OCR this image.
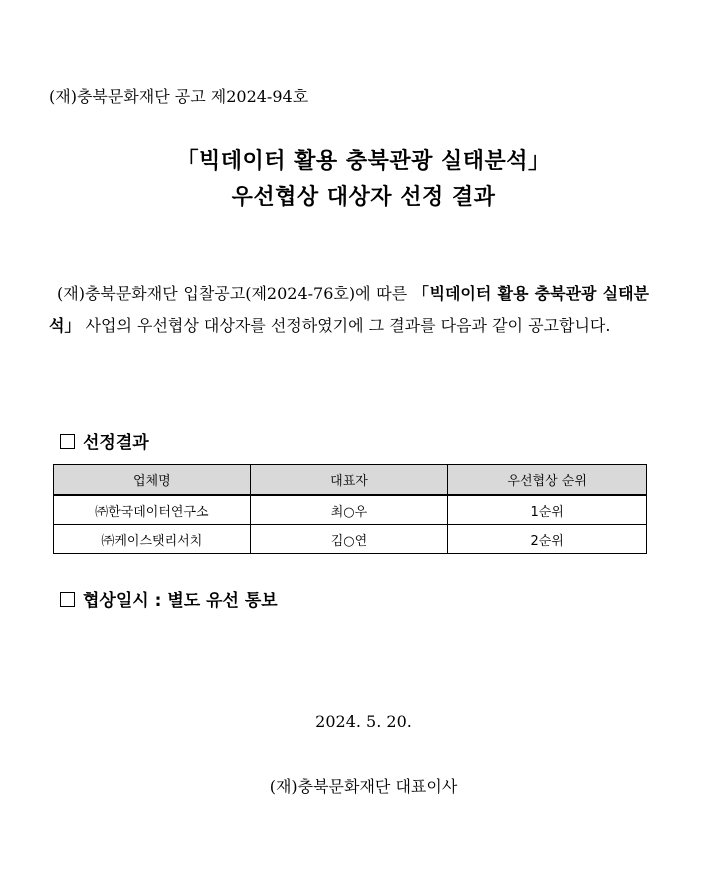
(재)충북문화재단 공고 제2024-94호
「빅데이터 활용 충북관광 실태분석」
우선협상 대상자 선정 결과
(재)충북문화재단 입찰공고(제2024-76호)에 따른 「빅데이터 활용 충북관광 실태분석」 사업의 우선협상 대상자를 선정하였기에 그 결과를 다음과 같이 공고합니다.
선정결과
업체명	대표자	우선협상 순위
㈜한국데이터연구소	최○우	1순위
㈜케이스탯리서치	김○연	2순위
협상일시 : 별도 유선 통보
2024. 5. 20.
(재)충북문화재단 대표이사
